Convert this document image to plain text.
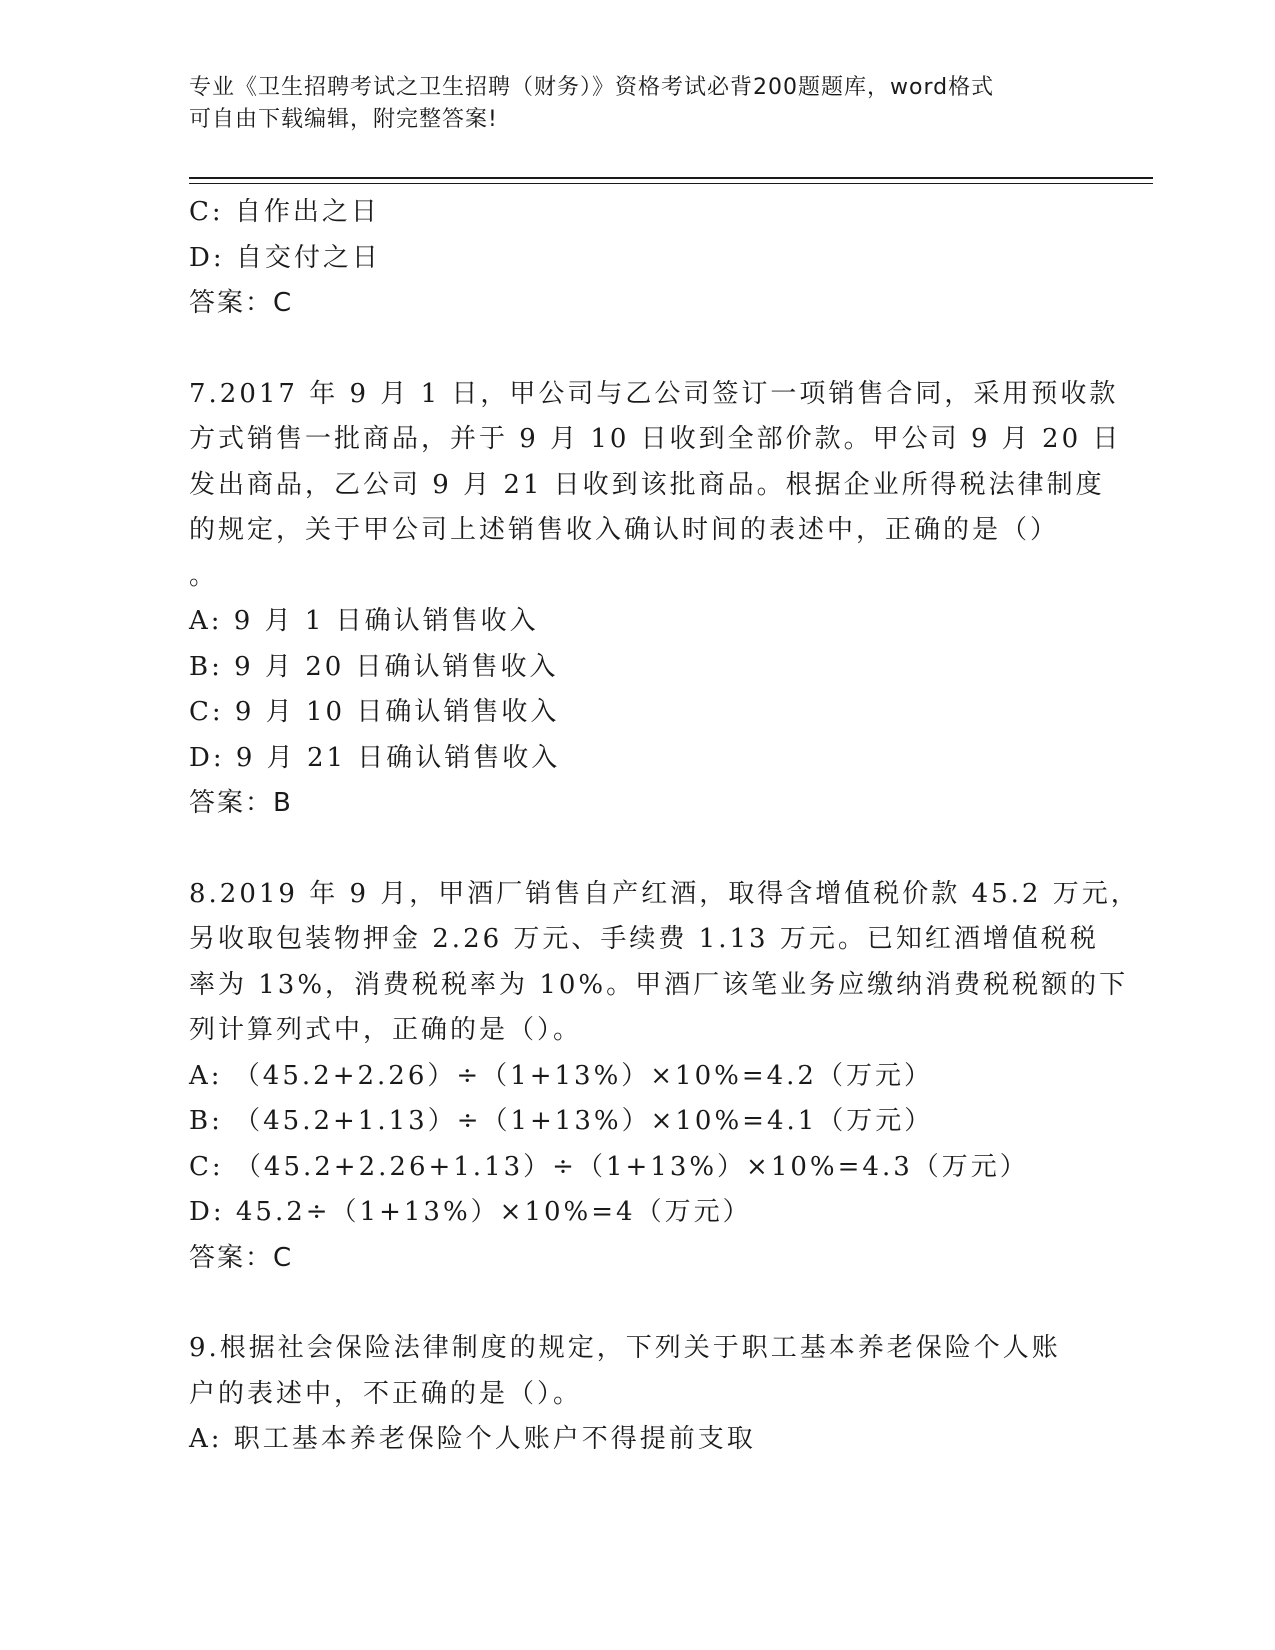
专业《卫生招聘考试之卫生招聘（财务）》资格考试必背200题题库，word格式
可自由下载编辑，附完整答案!
C: 自作出之日
D: 自交付之日
答案：C
7.2017 年 9 月 1 日，甲公司与乙公司签订一项销售合同，采用预收款
方式销售一批商品，并于 9 月 10 日收到全部价款。甲公司 9 月 20 日
发出商品，乙公司 9 月 21 日收到该批商品。根据企业所得税法律制度
的规定，关于甲公司上述销售收入确认时间的表述中，正确的是（）
。
A: 9 月 1 日确认销售收入
B: 9 月 20 日确认销售收入
C: 9 月 10 日确认销售收入
D: 9 月 21 日确认销售收入
答案：B
8.2019 年 9 月，甲酒厂销售自产红酒，取得含增值税价款 45.2 万元，
另收取包装物押金 2.26 万元、手续费 1.13 万元。已知红酒增值税税
率为 13%，消费税税率为 10%。甲酒厂该笔业务应缴纳消费税税额的下
列计算列式中，正确的是（）。
A: （45.2+2.26）÷（1+13%）×10%=4.2（万元）
B: （45.2+1.13）÷（1+13%）×10%=4.1（万元）
C: （45.2+2.26+1.13）÷（1+13%）×10%=4.3（万元）
D: 45.2÷（1+13%）×10%=4（万元）
答案：C
9.根据社会保险法律制度的规定，下列关于职工基本养老保险个人账
户的表述中，不正确的是（）。
A: 职工基本养老保险个人账户不得提前支取
